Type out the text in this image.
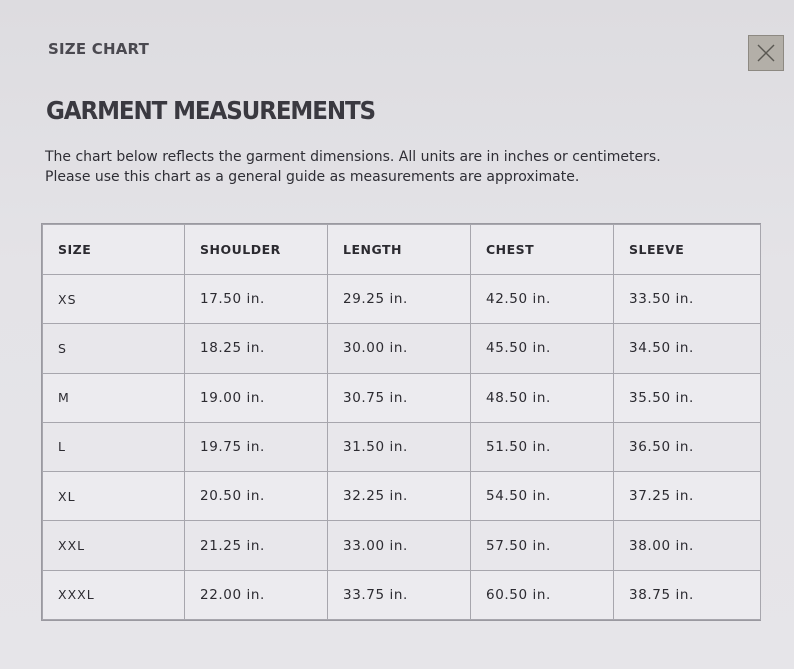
SIZE CHART
GARMENT MEASUREMENTS

The chart below reflects the garment dimensions. All units are in inches or centimeters.

Please use this chart as a general guide as measurements are approximate.

SIZE	SHOULDER	LENGTH	CHEST	SLEEVE
XS	17.50 in.	29.25 in.	42.50 in.	33.50 in.
S	18.25 in.	30.00 in.	45.50 in.	34.50 in.
M	19.00 in.	30.75 in.	48.50 in.	35.50 in.
L	19.75 in.	31.50 in.	51.50 in.	36.50 in.
XL	20.50 in.	32.25 in.	54.50 in.	37.25 in.
XXL	21.25 in.	33.00 in.	57.50 in.	38.00 in.
XXXL	22.00 in.	33.75 in.	60.50 in.	38.75 in.
